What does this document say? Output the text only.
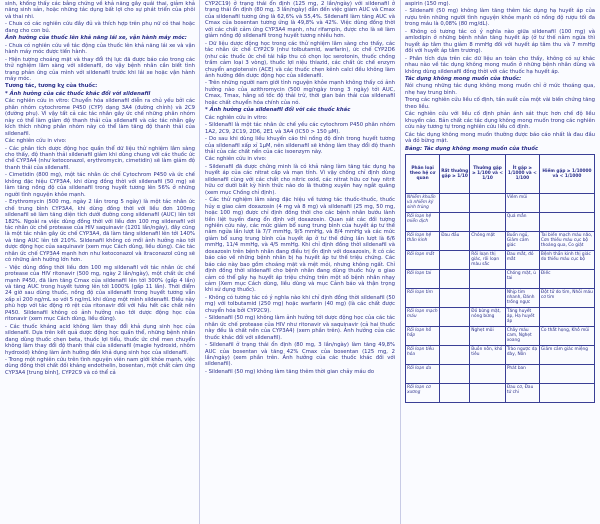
sinh, khống thấy các bằng chứng về khả năng gây quái thai, giảm khả năng sinh sản, hoặc những tác dụng bất lợi cho sự phát triển của phôi và thai nhi.

- Chưa có các nghiên cứu đầy đủ và thích hợp trên phụ nữ có thai hoặc đang cho con bú.

Ảnh hưởng của thuốc lên khả năng lái xe, vận hành máy móc:

- Chưa có nghiên cứu về tác động của thuốc lên khả năng lái xe và vận hành máy móc được tiến hành.

- Hiện tượng choáng mặt và thay đổi thị lực đã được báo cáo trong các thử nghiệm lâm sàng với sildenafil, do vậy bệnh nhân cần biết tình trạng phản ứng của mình với sildenafil trước khi lái xe hoặc vận hành máy móc.

Tương tác, tương kỵ của thuốc:

* Ảnh hưởng của các thuốc khác đối với sildenafil

Các nghiên cứu in vitro: Chuyển hóa sildenafil diễn ra chủ yếu bởi các phân nhóm cytochrome P450 (CYP) dạng 3A4 (đường chính) và 2C9 (đường phụ). Vì vậy tất cả các tác nhân gây ức chế những phân nhóm này có thể làm giảm độ thanh thải của sildenafil và các tác nhân gây kích thích những phân nhóm này có thể làm tăng độ thanh thải của sildenafil.

Các nghiên cứu in vivo:

- Các phân tích dược động học quần thể dữ liệu thử nghiệm lâm sàng cho thấy, độ thanh thải sildenafil giảm khi dùng chung với các thuốc ức chế CYP3A4 (như ketoconazol, erythromycin, cimetidin) sẽ làm giảm độ thanh thải của sildenafil.

- Cimetidin (800 mg), một tác nhân ức chế Cytochrom P450 và ức chế không đặc hiệu CYP3A4, khi dùng đồng thời với sildenafil (50 mg) sẽ làm tăng nồng độ của sildenafil trong huyết tương lên 56% ở những người tình nguyện khỏe mạnh.

- Erythromycin (500 mg, ngày 2 lần trong 5 ngày) là một tác nhân ức chế trung bình CYP3A4, khi dùng đồng thời với liều đơn 100mg sildenafil sẽ làm tăng diện tích dưới đường cong sildenafil (AUC) lên tới 182%. Ngoài ra việc dùng đồng thời với liều đơn 100 mg sildenafil với tác nhân ức chế protease của HIV saquinavir (1201 lần/ngày), đây cũng là một tác nhân gây ức chế CYP3A4, đã làm tăng sildenafil lên tới 140% và tăng AUC lên tới 210%. Sildenafil không có mối ảnh hưởng nào tới dược động học của saquinavir (xem mục Cách dùng, liều dùng). Các tác nhân ức chế CYP3A4 mạnh hơn như ketoconazol và itraconazol cũng sẽ có những ảnh hưởng lớn hơn.

- Việc dùng đồng thời liều đơn 100 mg sildenafil với tác nhân ức chế protease của HIV ritonavir (500 mg, ngày 2 lần/ngày), một chất ức chế mạnh P450, đã làm tăng Cmax của sildenafil lên tới 300% (gấp 4 lần) và tăng AUC trong huyết tương lên tới 1000% (gấp 11 lần). Thời điểm 24 giờ sau dùng thuốc, nồng độ của sildenafil trong huyết tương vẫn xấp xỉ 200 ng/mL so với 5 ng/mL khi dùng một mình sildenafil. Điều này phù hợp với tác động rõ rệt của ritonavir đối với hầu hết các chất nền P450. Sildenafil không có ảnh hưởng nào tới dược động học của ritonavir (xem mục Cách dùng, liều dùng).

- Các thuốc kháng acid không làm thay đổi khả dụng sinh học của sildenafil. Dựa trên kết quả dược động học quần thể, những bệnh nhân đang dùng thuốc chẹn beta, thuốc lợi tiểu, thuốc ức chế men chuyển không làm thay đổi độ thanh thải của sildenafil (magie hydroxid, nhôm hydroxid) không làm ảnh hưởng đến khả dụng sinh học của sildenafil.

- Trong một nghiên cứu trên tình nguyện viên nam giới khỏe mạnh, việc dùng đồng thời chất đối kháng endothelin, bosentan, một chất cảm ứng CYP3A4 [trung bình], CYP2C9 và có thể cả

CYP2C19) ở trạng thái ổn định (125 mg, 2 lần/ngày) với sildenafil ở trạng thái ổn định (80 mg, 3 lần/ngày) dẫn đến việc giảm AUC và Cmax của sildenafil tương ứng là 62,6% và 55,4%. Sildenafil làm tăng AUC và Cmax của bosentan tương ứng là 49,8% và 42%. Việc dùng đồng thời với các chất cảm ứng CYP3A4 mạnh, như rifampin, được cho là sẽ làm giảm nồng độ sildenafil trong huyết tương nhiều hơn.

- Dữ liệu dược động học trong các thử nghiệm lâm sàng cho thấy, các tác nhân ức chế CYP2C9 (như tolbutamid, warfarin), ức chế CYP2D6 (như các thuốc ức chế tái hấp thu có chọn lọc serotonin, thuốc chống trầm cảm loại 3 vòng), thuốc lợi niệu thiazid, các chất ức chế enzym chuyển angiotensin (ACE) và các thuốc chẹn kênh calci đều không làm ảnh hưởng đến dược động học của sildenafil.

- Trên những người nam giới tình nguyện khỏe mạnh không thấy có ảnh hưởng nào của azithromycin (500 mg/ngày trong 3 ngày) tới AUC, Cmax, Tmax, hằng số tốc độ thải trừ, thời gian bán thải của sildenafil hoặc chất chuyển hóa chính của nó.

* Ảnh hưởng của sildenafil đối với các thuốc khác

Các nghiên cứu in vitro:

- Sildenafil là một tác nhân ức chế yếu các cytochrom P450 phân nhóm 1A2, 2C9, 2C19, 2D6, 2E1 và 3A4 (IC50 > 150 μM).

- Do sau khi dùng liều khuyến cáo thì nồng độ đỉnh trong huyết tương của sildenafil xấp xỉ 1μM, nên sildenafil sẽ không làm thay đổi độ thanh thải của các chất nền của các isoenzym này.

Các nghiên cứu in vivo:

- Sildenafil đã được chứng minh là có khả năng làm tăng tác dụng hạ huyết áp của các nitrat cấp và mạn tính. Vì vậy chống chỉ định dùng sildenafil cùng với các chất cho nitric oxid, các nitrat hữu cơ hay nitrit hữu cơ dưới bất kỳ hình thức nào do là thường xuyên hay ngắt quãng (xem mục Chống chỉ định).

- Các thử nghiệm lâm sàng đặc hiệu về tương tác thuốc-thuốc, thuốc hủy α giao cảm doxazosin (4 mg và 8 mg) và sildenafil (25 mg, 50 mg, hoặc 100 mg) được chỉ định đồng thời cho các bệnh nhân bướu lành tiền liệt tuyến đang ổn định với doxazosin. Quan sát các đối tượng nghiên cứu này, các mức giảm bổ sung trung bình của huyết áp tư thế nằm ngửa lần lượt là 7/7 mmHg, 9/5 mmHg, và 8/4 mmHg và các mức giảm bổ sung trung bình của huyết áp ở tư thế đứng lần lượt là 6/6 mmHg, 11/4 mmHg, và 4/5 mmHg. Khi chỉ định đồng thời sildenafil và doxazosin trên bệnh nhân đang điều trị ổn định với doxazosin, ít có các báo cáo về những bệnh nhân bị hạ huyết áp tư thế triệu chứng. Các báo cáo này bao gồm choáng mặt và mệt mỏi, nhưng không ngất. Chỉ định đồng thời sildenafil cho bệnh nhân đang dùng thuốc hủy α giao cảm có thể gây hạ huyết áp triệu chứng trên một số bệnh nhân nhạy cảm (Xem mục Cách dùng, liều dùng và mục Cảnh báo và thận trọng khi sử dụng thuốc).

- Không có tương tác có ý nghĩa nào khi chỉ định đồng thời sildenafil (50 mg) với tolbutamid (250 mg) hoặc warfarin (40 mg) (là các chất được chuyển hóa bởi CYP2C9).

- Sildenafil (50 mg) không làm ảnh hưởng tới dược động học của các tác nhân ức chế protease của HIV như ritonavir và saquinavir (cả hai thuốc này đều là chất nền của CYP3A4) (xem phần trên). Ảnh hưởng của các thuốc khác đối với sildenafil).

- Sildenafil ở trạng thái ổn định (80 mg, 3 lần/ngày) làm tăng 49,8% AUC của bosentan và tăng 42% Cmax của bosentan (125 mg, 2 lần/ngày) (xem phần trên. Ảnh hưởng của các thuốc khác đối với sildenafil).

- Sildenafil (50 mg) không làm tăng thêm thời gian chảy máu do

aspirin (150 mg).

- Sildenafil (50 mg) không làm tăng thêm tác dụng hạ huyết áp của rượu trên những người tình nguyện khỏe mạnh có nồng độ rượu tối đa trong máu là 0,08% (80 mg/dL).

- Không có tương tác có ý nghĩa nào giữa sildenafil (100 mg) và amlodipin ở những bệnh nhân tăng huyết áp (ở tư thế nằm ngửa thì huyết áp tâm thu giảm 8 mmHg đối với huyết áp tâm thu và 7 mmHg đối với huyết áp tâm trương).

- Phân tích dựa trên các dữ liệu an toàn cho thấy, không có sự khác nhau nào về tác dụng không mong muốn ở những bệnh nhân dùng và không dùng sildenafil đồng thời với các thuốc hạ huyết áp.

Tác dụng không mong muốn của thuốc:

Nói chung những tác dụng không mong muốn chỉ ở mức thoáng qua, nhẹ hay trung bình.

Trong các nghiên cứu liều cố định, tần suất của một vài biến chứng tăng theo liều.

Các nghiên cứu với liều cố định phản ánh sát thực hơn chế độ liều khuyến cáo. Bản chất các tác dụng không mong muốn trong các nghiên cứu này tương tự trong nghiên cứu liều cố định.

Các tác dụng không mong muốn thường được báo cáo nhất là đau đầu và đỏ bừng mặt.

Bảng: Tác dụng không mong muốn của thuốc

Phân loại theo hệ cơ quan	Rất thường gặp ≥ 1/10	Thường gặp ≥ 1/100 và < 1/10	Ít gặp ≥ 1/1000 và < 1/100	Hiếm gặp ≥ 1/10000 và < 1/1000
Nhiễm khuẩn và nhiễm ký sinh trùng			Viêm mũi	
Rối loạn hệ miễn dịch			Quá mẫn	
Rối loạn hệ thần kinh	Đau đầu	Chóng mặt	Buồn ngủ, Giảm cảm giác	Tai biến mạch máu não, Cơn thiếu máu cục bộ thoáng qua, Co giật
Rối loạn mắt		Rối loạn thị giác, rối loạn màu sắc	Đau mắt, đỏ mắt	Bệnh thần kinh thị giác do thiếu máu cục bộ
Rối loạn tai			Chóng mặt, ù tai	Điếc
Rối loạn tim			Nhịp tim nhanh, Đánh trống ngực	Đột tử do tim, Nhồi máu cơ tim
Rối loạn mạch máu		Đỏ bừng mặt, nóng bừng	Tăng huyết áp, Hạ huyết áp	
Rối loạn hô hấp		Nghẹt mũi	Chảy máu cam, Nghẹt xoang	Co thắt họng, Khô mũi
Rối loạn tiêu hóa		Buồn nôn, khó tiêu	Trào ngược dạ dày, Nôn	Giảm cảm giác miệng
Rối loạn da			Phát ban	
Rối loạn cơ xương			Đau cơ, Đau tứ chi	
